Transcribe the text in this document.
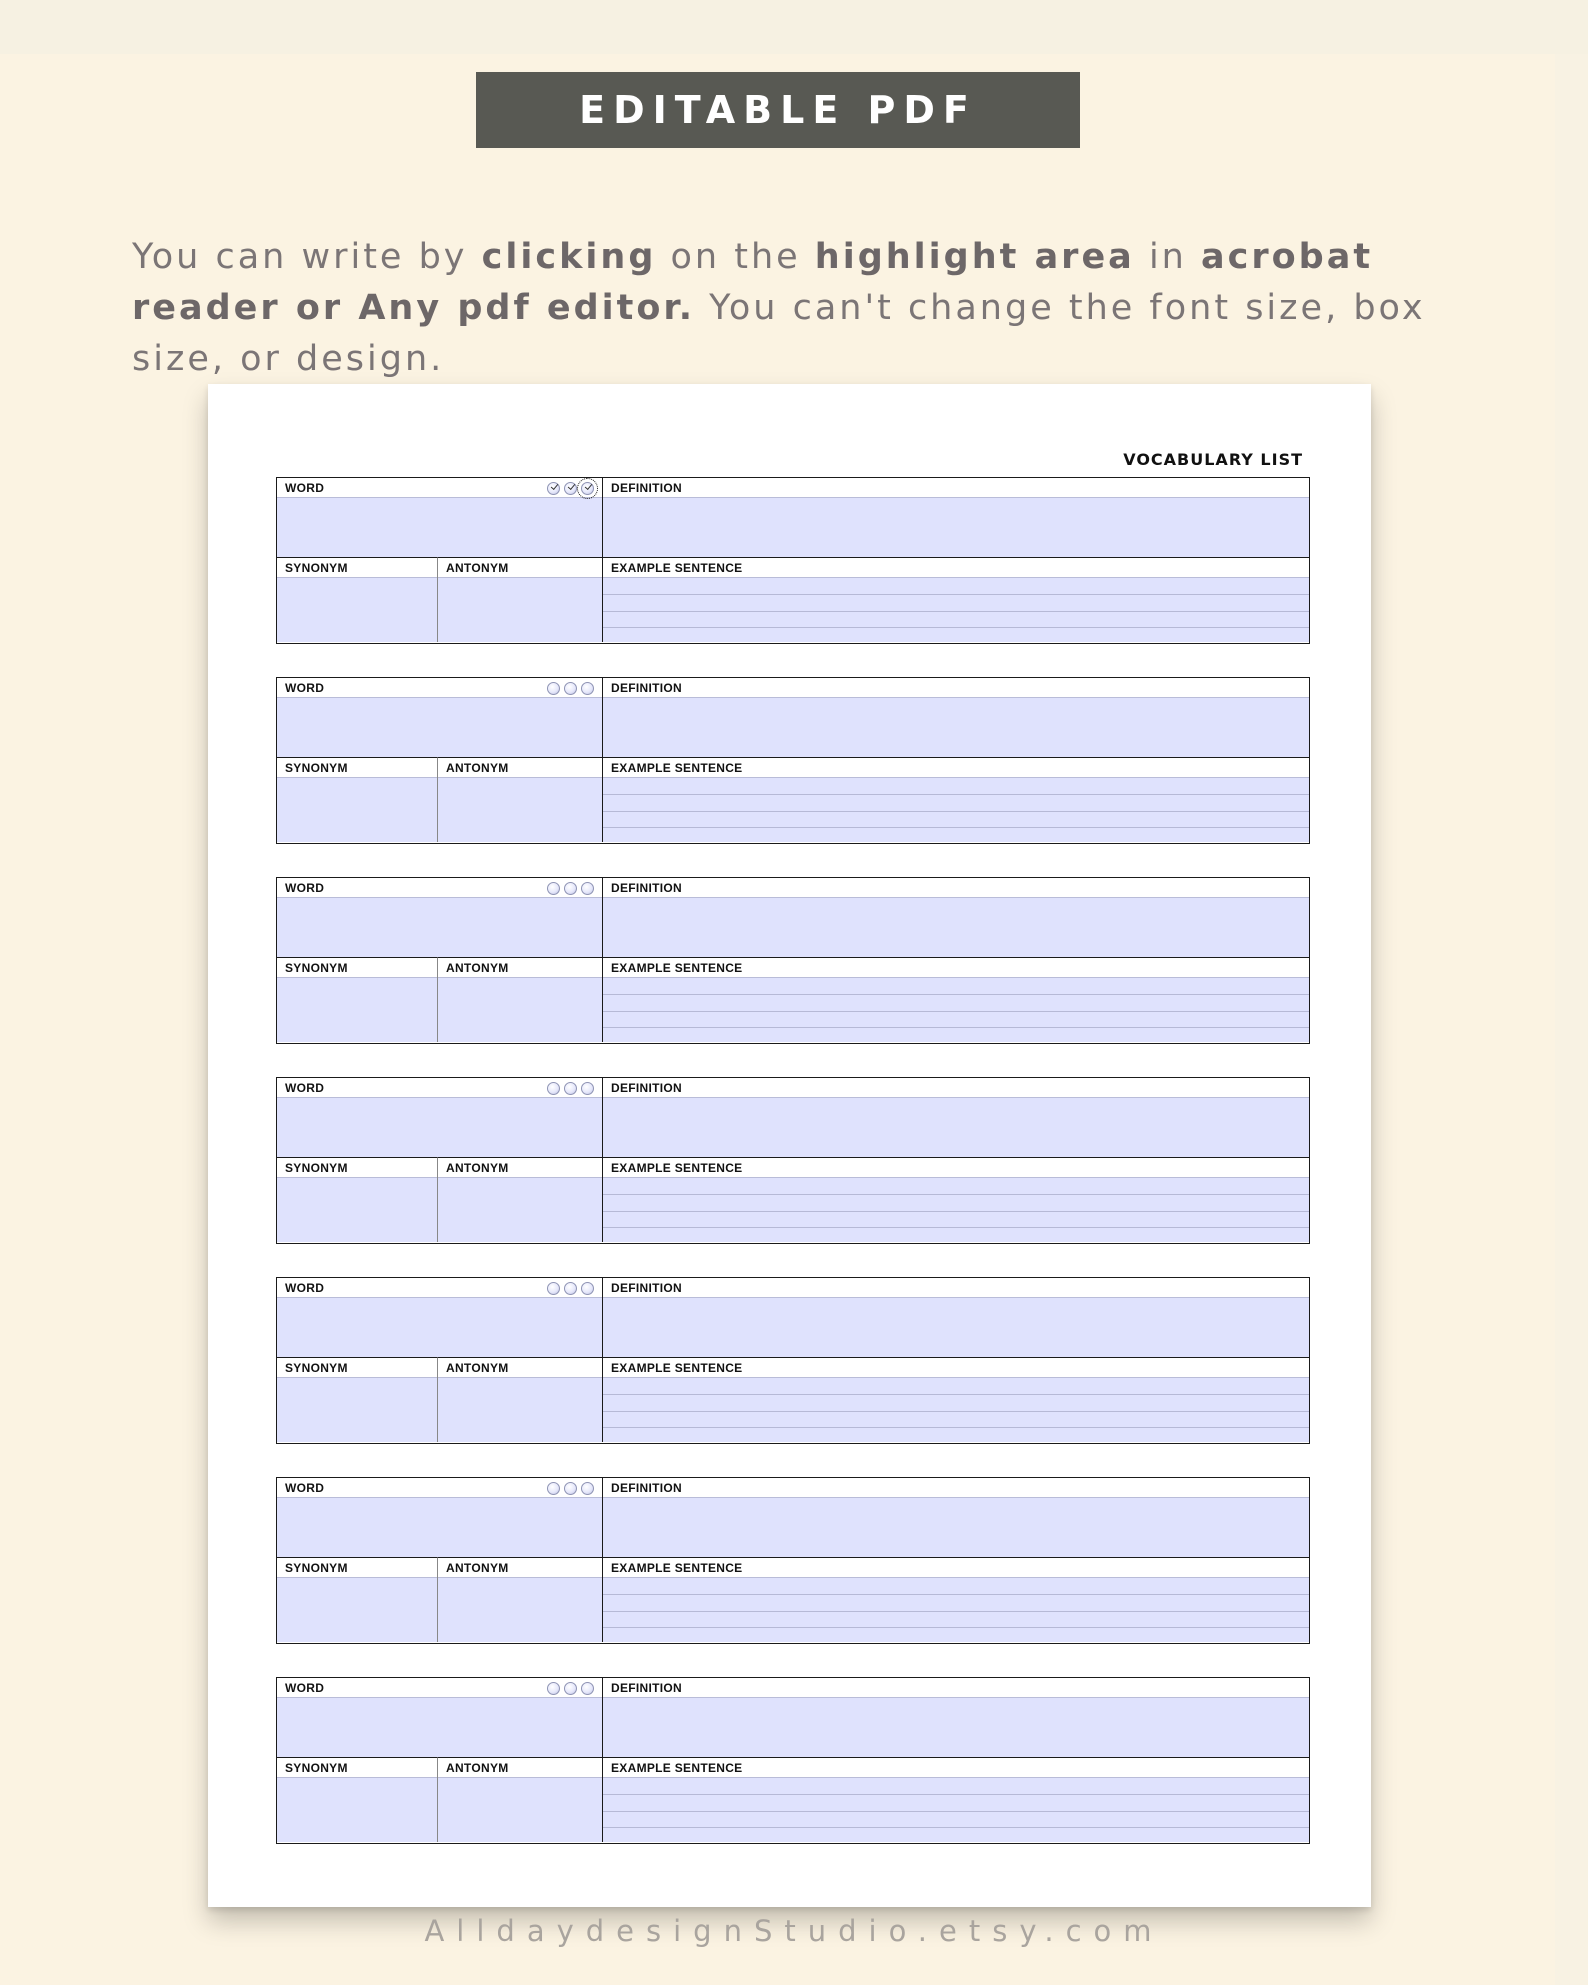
EDITABLE PDF

You can write by clicking on the highlight area in acrobat reader or Any pdf editor. You can't change the font size, box size, or design.

VOCABULARY LIST
WORD	DEFINITION
SYNONYM	ANTONYM	EXAMPLE SENTENCE
WORD	DEFINITION
SYNONYM	ANTONYM	EXAMPLE SENTENCE
WORD	DEFINITION
SYNONYM	ANTONYM	EXAMPLE SENTENCE
WORD	DEFINITION
SYNONYM	ANTONYM	EXAMPLE SENTENCE
WORD	DEFINITION
SYNONYM	ANTONYM	EXAMPLE SENTENCE
WORD	DEFINITION
SYNONYM	ANTONYM	EXAMPLE SENTENCE
WORD	DEFINITION
SYNONYM	ANTONYM	EXAMPLE SENTENCE
AlldaydesignStudio.etsy.com
